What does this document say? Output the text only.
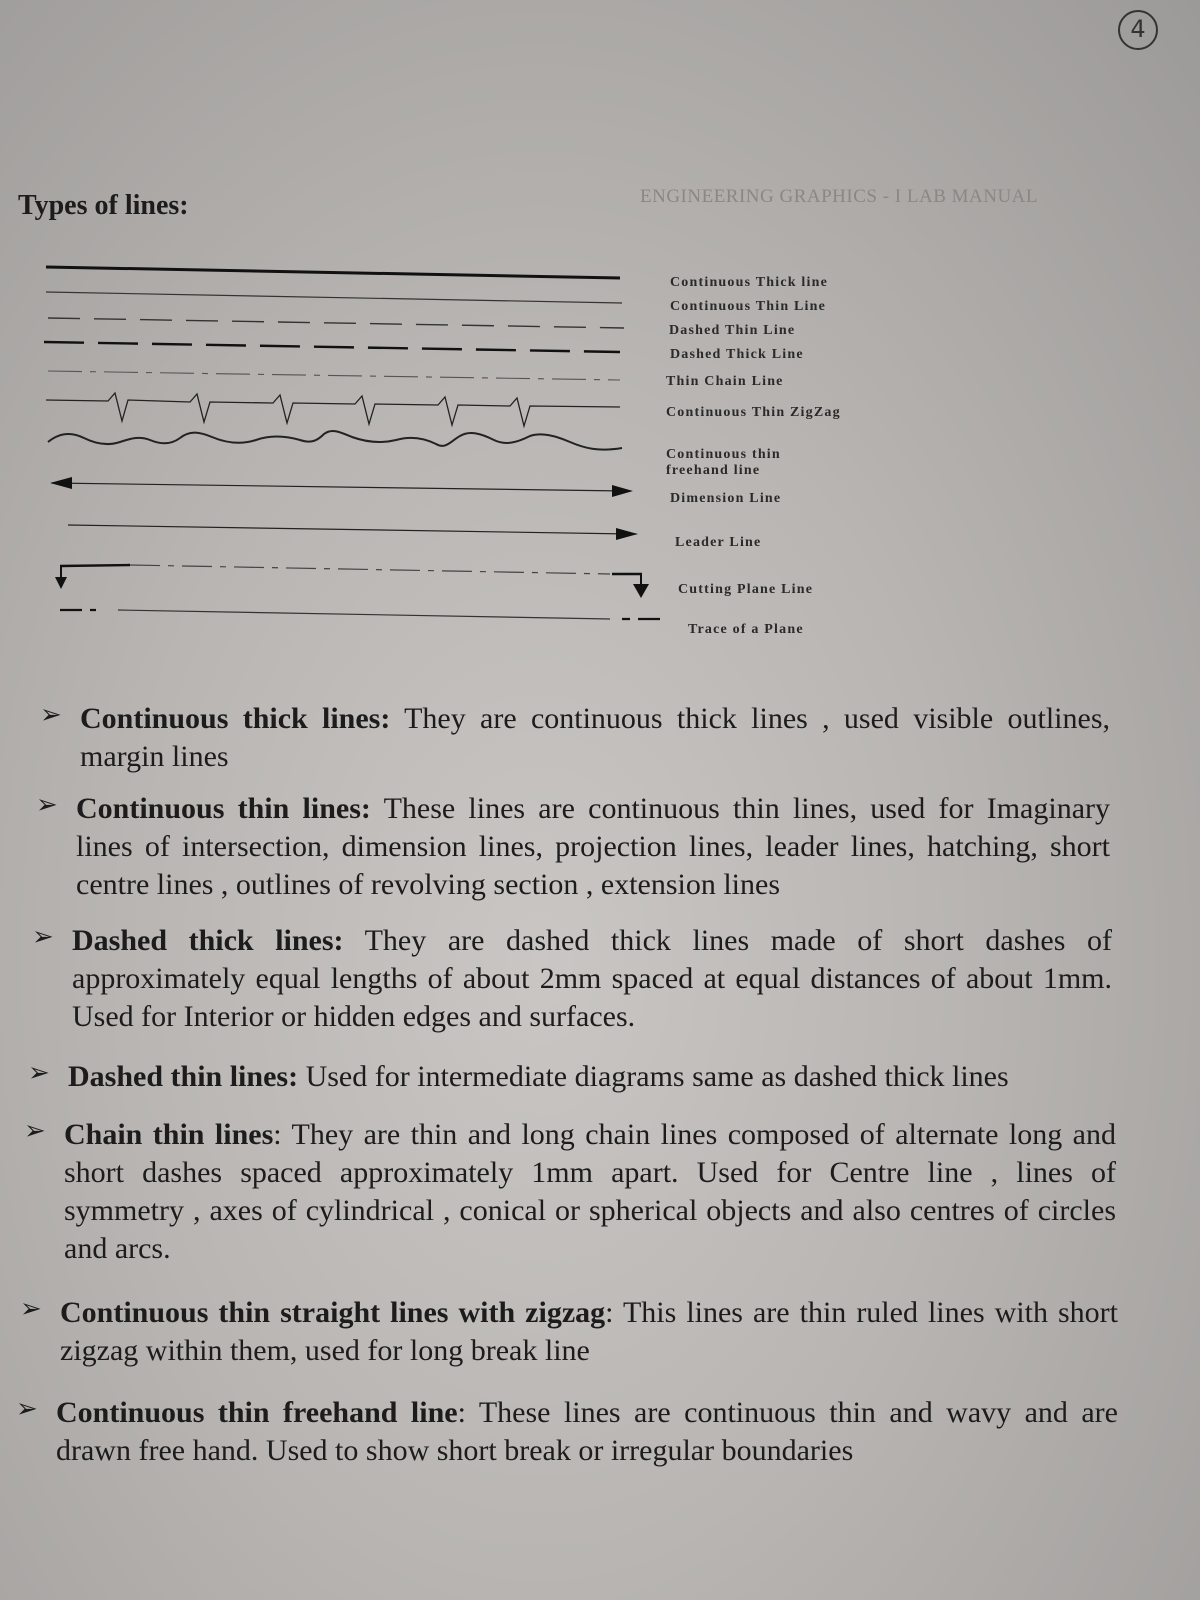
4
ENGINEERING GRAPHICS - I LAB MANUAL
Types of lines:
Continuous Thick line
Continuous Thin Line
Dashed Thin Line
Dashed Thick Line
Thin Chain Line
Continuous Thin ZigZag
Continuous thin
freehand line
Dimension Line
Leader Line
Cutting Plane Line
Trace of a Plane
➢ Continuous thick lines: They are continuous thick lines , used visible outlines, margin lines
➢ Continuous thin lines: These lines are continuous thin lines, used for Imaginary lines of intersection, dimension lines, projection lines, leader lines, hatching, short centre lines , outlines of revolving section , extension lines
➢ Dashed thick lines: They are dashed thick lines made of short dashes of approximately equal lengths of about 2mm spaced at equal distances of about 1mm. Used for Interior or hidden edges and surfaces.
➢ Dashed thin lines: Used for intermediate diagrams same as dashed thick lines
➢ Chain thin lines: They are thin and long chain lines composed of alternate long and short dashes spaced approximately 1mm apart. Used for Centre line , lines of symmetry , axes of cylindrical , conical or spherical objects and also centres of circles and arcs.
➢ Continuous thin straight lines with zigzag: This lines are thin ruled lines with short zigzag within them, used for long break line
➢ Continuous thin freehand line: These lines are continuous thin and wavy and are drawn free hand. Used to show short break or irregular boundaries
